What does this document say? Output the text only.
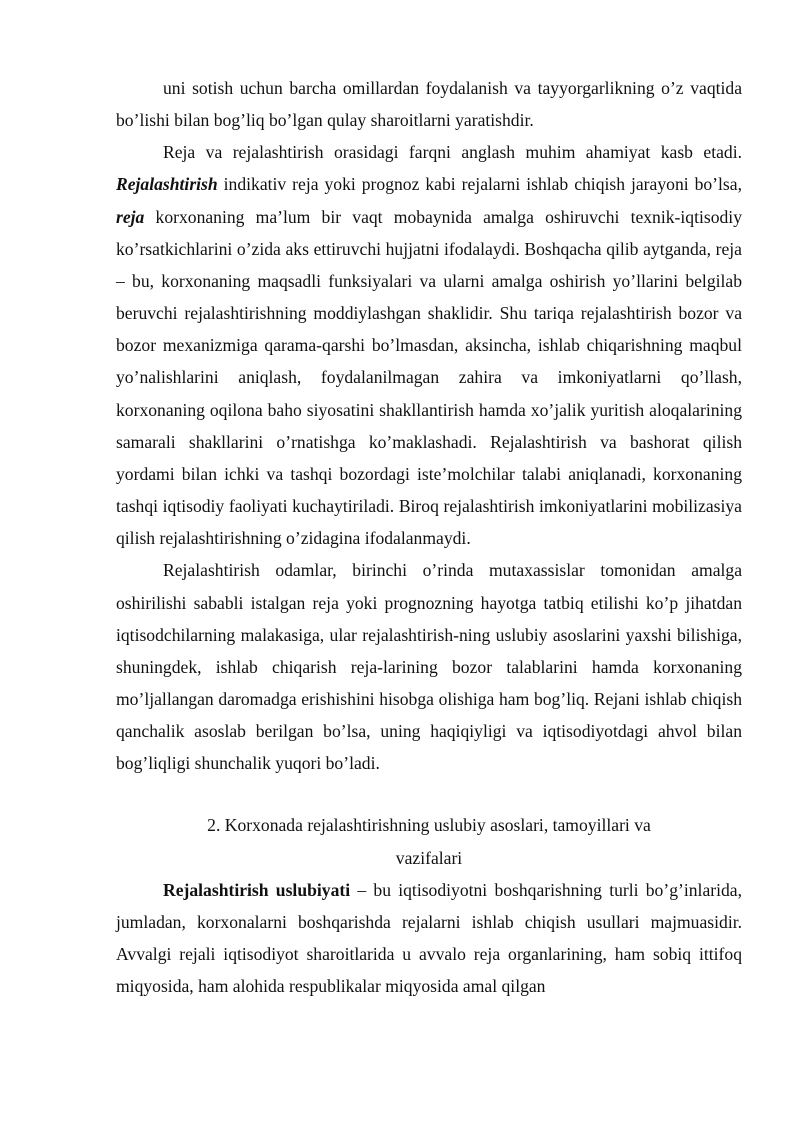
uni sotish uchun barcha omillardan foydalanish va tayyorgarlikning o’z vaqtida bo’lishi bilan bog’liq bo’lgan qulay sharoitlarni yaratishdir.

Reja va rejalashtirish orasidagi farqni anglash muhim ahamiyat kasb etadi. Rejalashtirish indikativ reja yoki prognoz kabi rejalarni ishlab chiqish jarayoni bo’lsa, reja korxonaning ma’lum bir vaqt mobaynida amalga oshiruvchi texnik-iqtisodiy ko’rsatkichlarini o’zida aks ettiruvchi hujjatni ifodalaydi. Boshqacha qilib aytganda, reja – bu, korxonaning maqsadli funksiyalari va ularni amalga oshirish yo’llarini belgilab beruvchi rejalashtirishning moddiylashgan shaklidir. Shu tariqa rejalashtirish bozor va bozor mexanizmiga qarama-qarshi bo’lmasdan, aksincha, ishlab chiqarishning maqbul yo’nalishlarini aniqlash, foydalanilmagan zahira va imkoniyatlarni qo’llash, korxonaning oqilona baho siyosatini shakllantirish hamda xo’jalik yuritish aloqalarining samarali shakllarini o’rnatishga ko’maklashadi. Rejalashtirish va bashorat qilish yordami bilan ichki va tashqi bozordagi iste’molchilar talabi aniqlanadi, korxonaning tashqi iqtisodiy faoliyati kuchaytiriladi. Biroq rejalashtirish imkoniyatlarini mobilizasiya qilish rejalashtirishning o’zidagina ifodalanmaydi.

Rejalashtirish odamlar, birinchi o’rinda mutaxassislar tomonidan amalga oshirilishi sababli istalgan reja yoki prognozning hayotga tatbiq etilishi ko’p jihatdan iqtisodchilarning malakasiga, ular rejalashtirish-ning uslubiy asoslarini yaxshi bilishiga, shuningdek, ishlab chiqarish reja-larining bozor talablarini hamda korxonaning mo’ljallangan daromadga erishishini hisobga olishiga ham bog’liq. Rejani ishlab chiqish qanchalik asoslab berilgan bo’lsa, uning haqiqiyligi va iqtisodiyotdagi ahvol bilan bog’liqligi shunchalik yuqori bo’ladi.

2. Korxonada rejalashtirishning uslubiy asoslari, tamoyillari va
vazifalari

Rejalashtirish uslubiyati – bu iqtisodiyotni boshqarishning turli bo’g’inlarida, jumladan, korxonalarni boshqarishda rejalarni ishlab chiqish usullari majmuasidir. Avvalgi rejali iqtisodiyot sharoitlarida u avvalo reja organlarining, ham sobiq ittifoq miqyosida, ham alohida respublikalar miqyosida amal qilgan
